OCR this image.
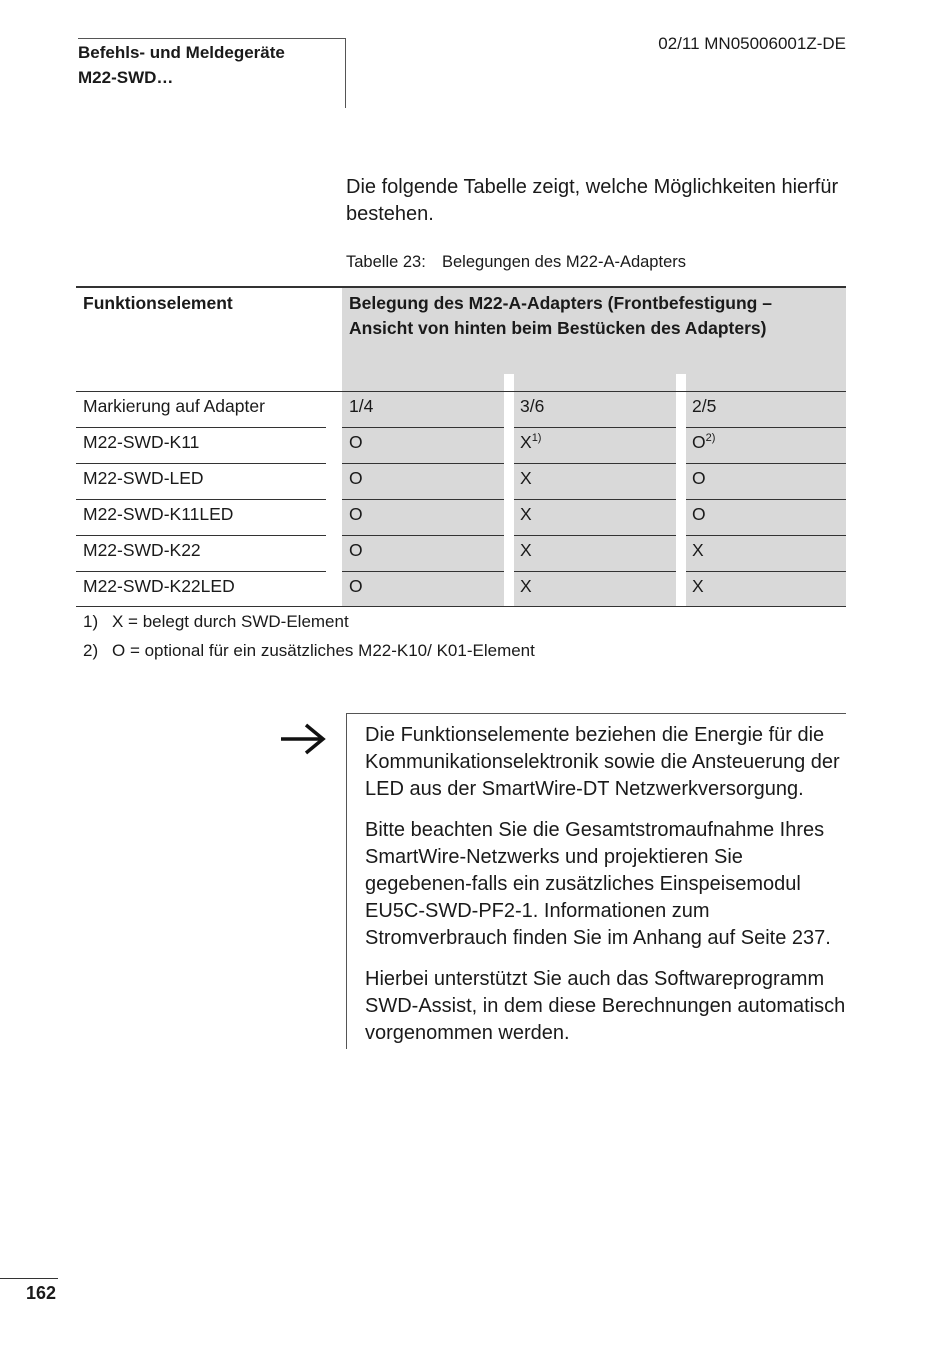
Befehls- und Meldegeräte
M22-SWD…
02/11 MN05006001Z-DE
Die folgende Tabelle zeigt, welche Möglichkeiten hierfür bestehen.
Tabelle 23: Belegungen des M22-A-Adapters
Funktionselement	Belegung des M22-A-Adapters (Frontbefestigung – Ansicht von hinten beim Bestücken des Adapters)
Markierung auf Adapter	1/4	3/6	2/5
M22-SWD-K11	O	$X^{1)}$	$O^{2)}$
M22-SWD-LED	O	X	O
M22-SWD-K11LED	O	X	O
M22-SWD-K22	O	X	X
M22-SWD-K22LED	O	X	X
1) X = belegt durch SWD-Element
2) O = optional für ein zusätzliches M22-K10/ K01-Element

Die Funktionselemente beziehen die Energie für die Kommunikationselektronik sowie die Ansteuerung der LED aus der SmartWire-DT Netzwerkversorgung.

Bitte beachten Sie die Gesamtstromaufnahme Ihres SmartWire-Netzwerks und projektieren Sie gegebenen-falls ein zusätzliches Einspeisemodul EU5C-SWD-PF2-1. Informationen zum Stromverbrauch finden Sie im Anhang auf Seite 237.

Hierbei unterstützt Sie auch das Softwareprogramm SWD-Assist, in dem diese Berechnungen automatisch vorgenommen werden.

162
